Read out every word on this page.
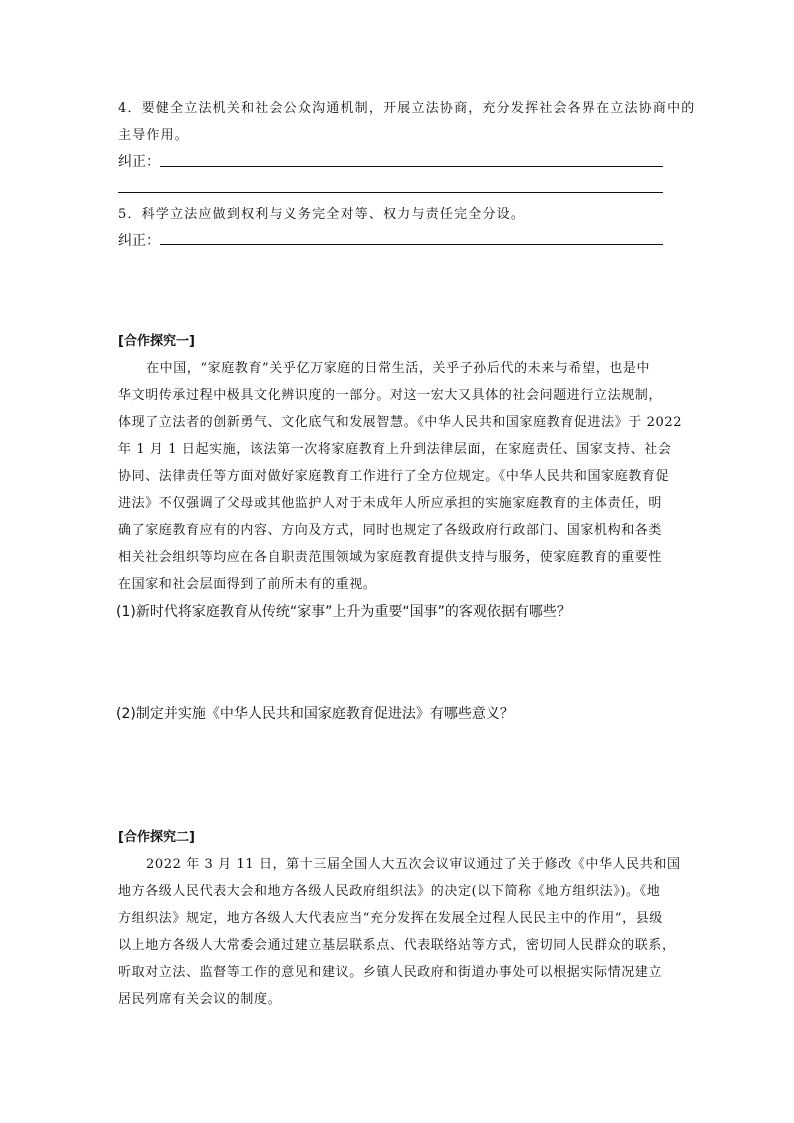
4．要健全立法机关和社会公众沟通机制，开展立法协商，充分发挥社会各界在立法协商中的
主导作用。
纠正：
5．科学立法应做到权利与义务完全对等、权力与责任完全分设。
纠正：
[合作探究一]
在中国，“家庭教育”关乎亿万家庭的日常生活，关乎子孙后代的未来与希望，也是中
华文明传承过程中极具文化辨识度的一部分。对这一宏大又具体的社会问题进行立法规制，
体现了立法者的创新勇气、文化底气和发展智慧。《中华人民共和国家庭教育促进法》于 2022
年 1 月 1 日起实施，该法第一次将家庭教育上升到法律层面，在家庭责任、国家支持、社会
协同、法律责任等方面对做好家庭教育工作进行了全方位规定。《中华人民共和国家庭教育促
进法》不仅强调了父母或其他监护人对于未成年人所应承担的实施家庭教育的主体责任，明
确了家庭教育应有的内容、方向及方式，同时也规定了各级政府行政部门、国家机构和各类
相关社会组织等均应在各自职责范围领域为家庭教育提供支持与服务，使家庭教育的重要性
在国家和社会层面得到了前所未有的重视。
(1)新时代将家庭教育从传统“家事”上升为重要“国事”的客观依据有哪些？
(2)制定并实施《中华人民共和国家庭教育促进法》有哪些意义？
[合作探究二]
2022 年 3 月 11 日，第十三届全国人大五次会议审议通过了关于修改《中华人民共和国
地方各级人民代表大会和地方各级人民政府组织法》的决定(以下简称《地方组织法》)。《地
方组织法》规定，地方各级人大代表应当“充分发挥在发展全过程人民民主中的作用”，县级
以上地方各级人大常委会通过建立基层联系点、代表联络站等方式，密切同人民群众的联系，
听取对立法、监督等工作的意见和建议。乡镇人民政府和街道办事处可以根据实际情况建立
居民列席有关会议的制度。
